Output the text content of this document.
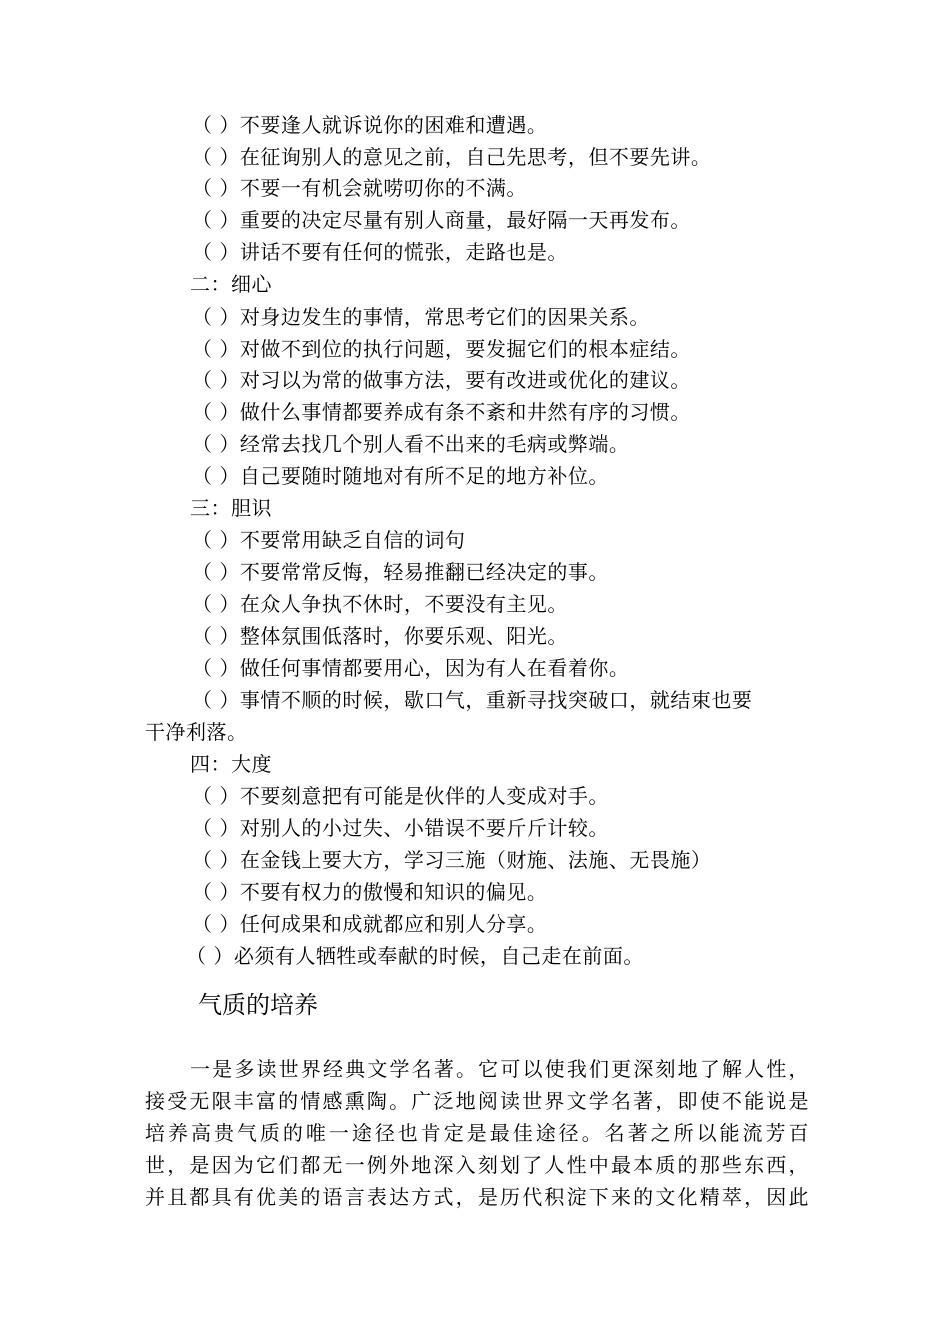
（ ）不要逢人就诉说你的困难和遭遇。
（ ）在征询别人的意见之前，自己先思考，但不要先讲。
（ ）不要一有机会就唠叨你的不满。
（ ）重要的决定尽量有别人商量，最好隔一天再发布。
（ ）讲话不要有任何的慌张，走路也是。
二：细心
（ ）对身边发生的事情，常思考它们的因果关系。
（ ）对做不到位的执行问题，要发掘它们的根本症结。
（ ）对习以为常的做事方法，要有改进或优化的建议。
（ ）做什么事情都要养成有条不紊和井然有序的习惯。
（ ）经常去找几个别人看不出来的毛病或弊端。
（ ）自己要随时随地对有所不足的地方补位。
三：胆识
（ ）不要常用缺乏自信的词句
（ ）不要常常反悔，轻易推翻已经决定的事。
（ ）在众人争执不休时，不要没有主见。
（ ）整体氛围低落时，你要乐观、阳光。
（ ）做任何事情都要用心，因为有人在看着你。
（ ）事情不顺的时候，歇口气，重新寻找突破口，就结束也要
干净利落。
四：大度
（ ）不要刻意把有可能是伙伴的人变成对手。
（ ）对别人的小过失、小错误不要斤斤计较。
（ ）在金钱上要大方，学习三施（财施、法施、无畏施）
（ ）不要有权力的傲慢和知识的偏见。
（ ）任何成果和成就都应和别人分享。
（ ）必须有人牺牲或奉献的时候，自己走在前面。
气质的培养
一是多读世界经典文学名著。它可以使我们更深刻地了解人性，
接受无限丰富的情感熏陶。广泛地阅读世界文学名著，即使不能说是
培养高贵气质的唯一途径也肯定是最佳途径。名著之所以能流芳百
世，是因为它们都无一例外地深入刻划了人性中最本质的那些东西，
并且都具有优美的语言表达方式，是历代积淀下来的文化精萃，因此
